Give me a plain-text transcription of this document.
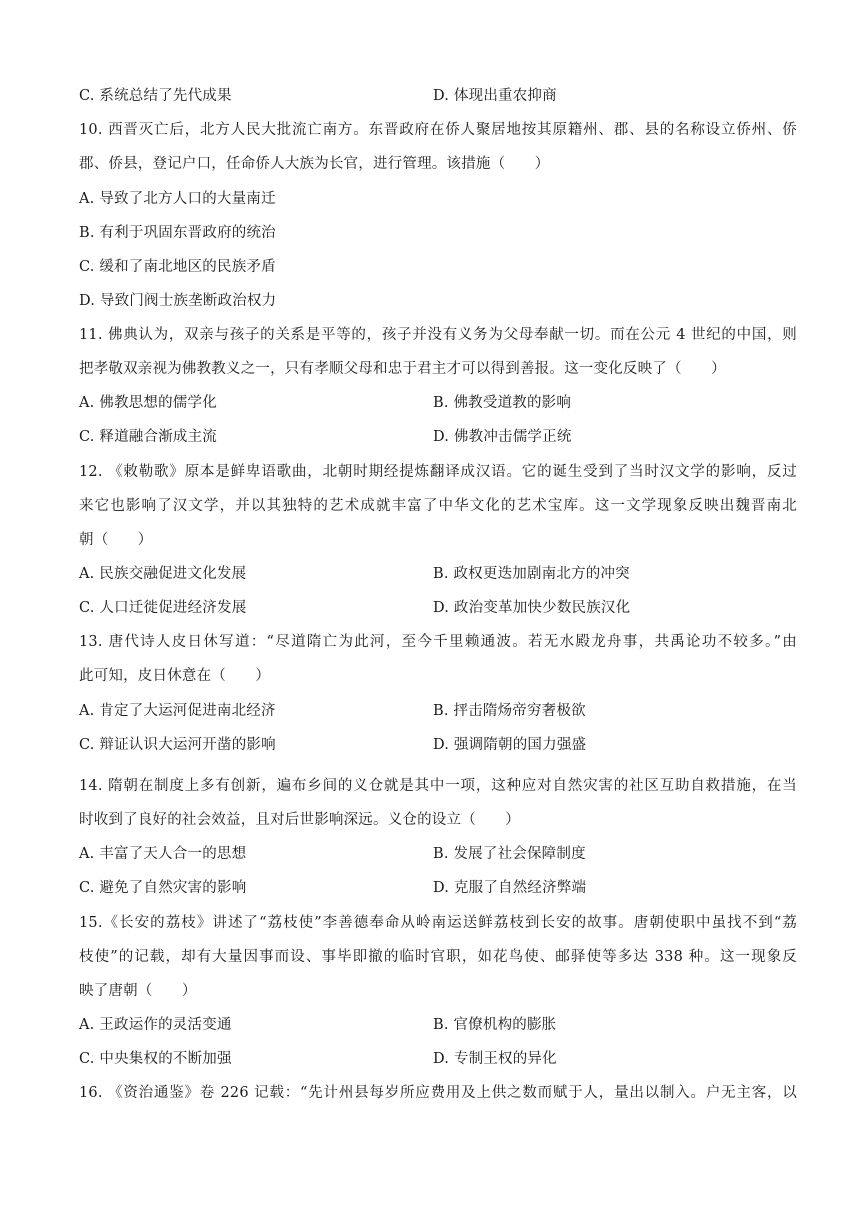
C. 系统总结了先代成果	D. 体现出重农抑商
10. 西晋灭亡后，北方人民大批流亡南方。东晋政府在侨人聚居地按其原籍州、郡、县的名称设立侨州、侨
郡、侨县，登记户口，任命侨人大族为长官，进行管理。该措施（　　）
A. 导致了北方人口的大量南迁
B. 有利于巩固东晋政府的统治
C. 缓和了南北地区的民族矛盾
D. 导致门阀士族垄断政治权力
11. 佛典认为，双亲与孩子的关系是平等的，孩子并没有义务为父母奉献一切。而在公元 4 世纪的中国，则
把孝敬双亲视为佛教教义之一，只有孝顺父母和忠于君主才可以得到善报。这一变化反映了（　　）
A. 佛教思想的儒学化	B. 佛教受道教的影响
C. 释道融合渐成主流	D. 佛教冲击儒学正统
12. 《敕勒歌》原本是鲜卑语歌曲，北朝时期经提炼翻译成汉语。它的诞生受到了当时汉文学的影响，反过
来它也影响了汉文学，并以其独特的艺术成就丰富了中华文化的艺术宝库。这一文学现象反映出魏晋南北
朝（　　）
A. 民族交融促进文化发展	B. 政权更迭加剧南北方的冲突
C. 人口迁徙促进经济发展	D. 政治变革加快少数民族汉化
13. 唐代诗人皮日休写道：“尽道隋亡为此河，至今千里赖通波。若无水殿龙舟事，共禹论功不较多。”由
此可知，皮日休意在（　　）
A. 肯定了大运河促进南北经济	B. 抨击隋炀帝穷奢极欲
C. 辩证认识大运河开凿的影响	D. 强调隋朝的国力强盛
14. 隋朝在制度上多有创新，遍布乡间的义仓就是其中一项，这种应对自然灾害的社区互助自救措施，在当
时收到了良好的社会效益，且对后世影响深远。义仓的设立（　　）
A. 丰富了天人合一的思想	B. 发展了社会保障制度
C. 避免了自然灾害的影响	D. 克服了自然经济弊端
15.《长安的荔枝》讲述了“荔枝使”李善德奉命从岭南运送鲜荔枝到长安的故事。唐朝使职中虽找不到“荔
枝使”的记载，却有大量因事而设、事毕即撤的临时官职，如花鸟使、邮驿使等多达 338 种。这一现象反
映了唐朝（　　）
A. 王政运作的灵活变通	B. 官僚机构的膨胀
C. 中央集权的不断加强	D. 专制王权的异化
16. 《资治通鉴》卷 226 记载：“先计州县每岁所应费用及上供之数而赋于人，量出以制入。户无主客，以
